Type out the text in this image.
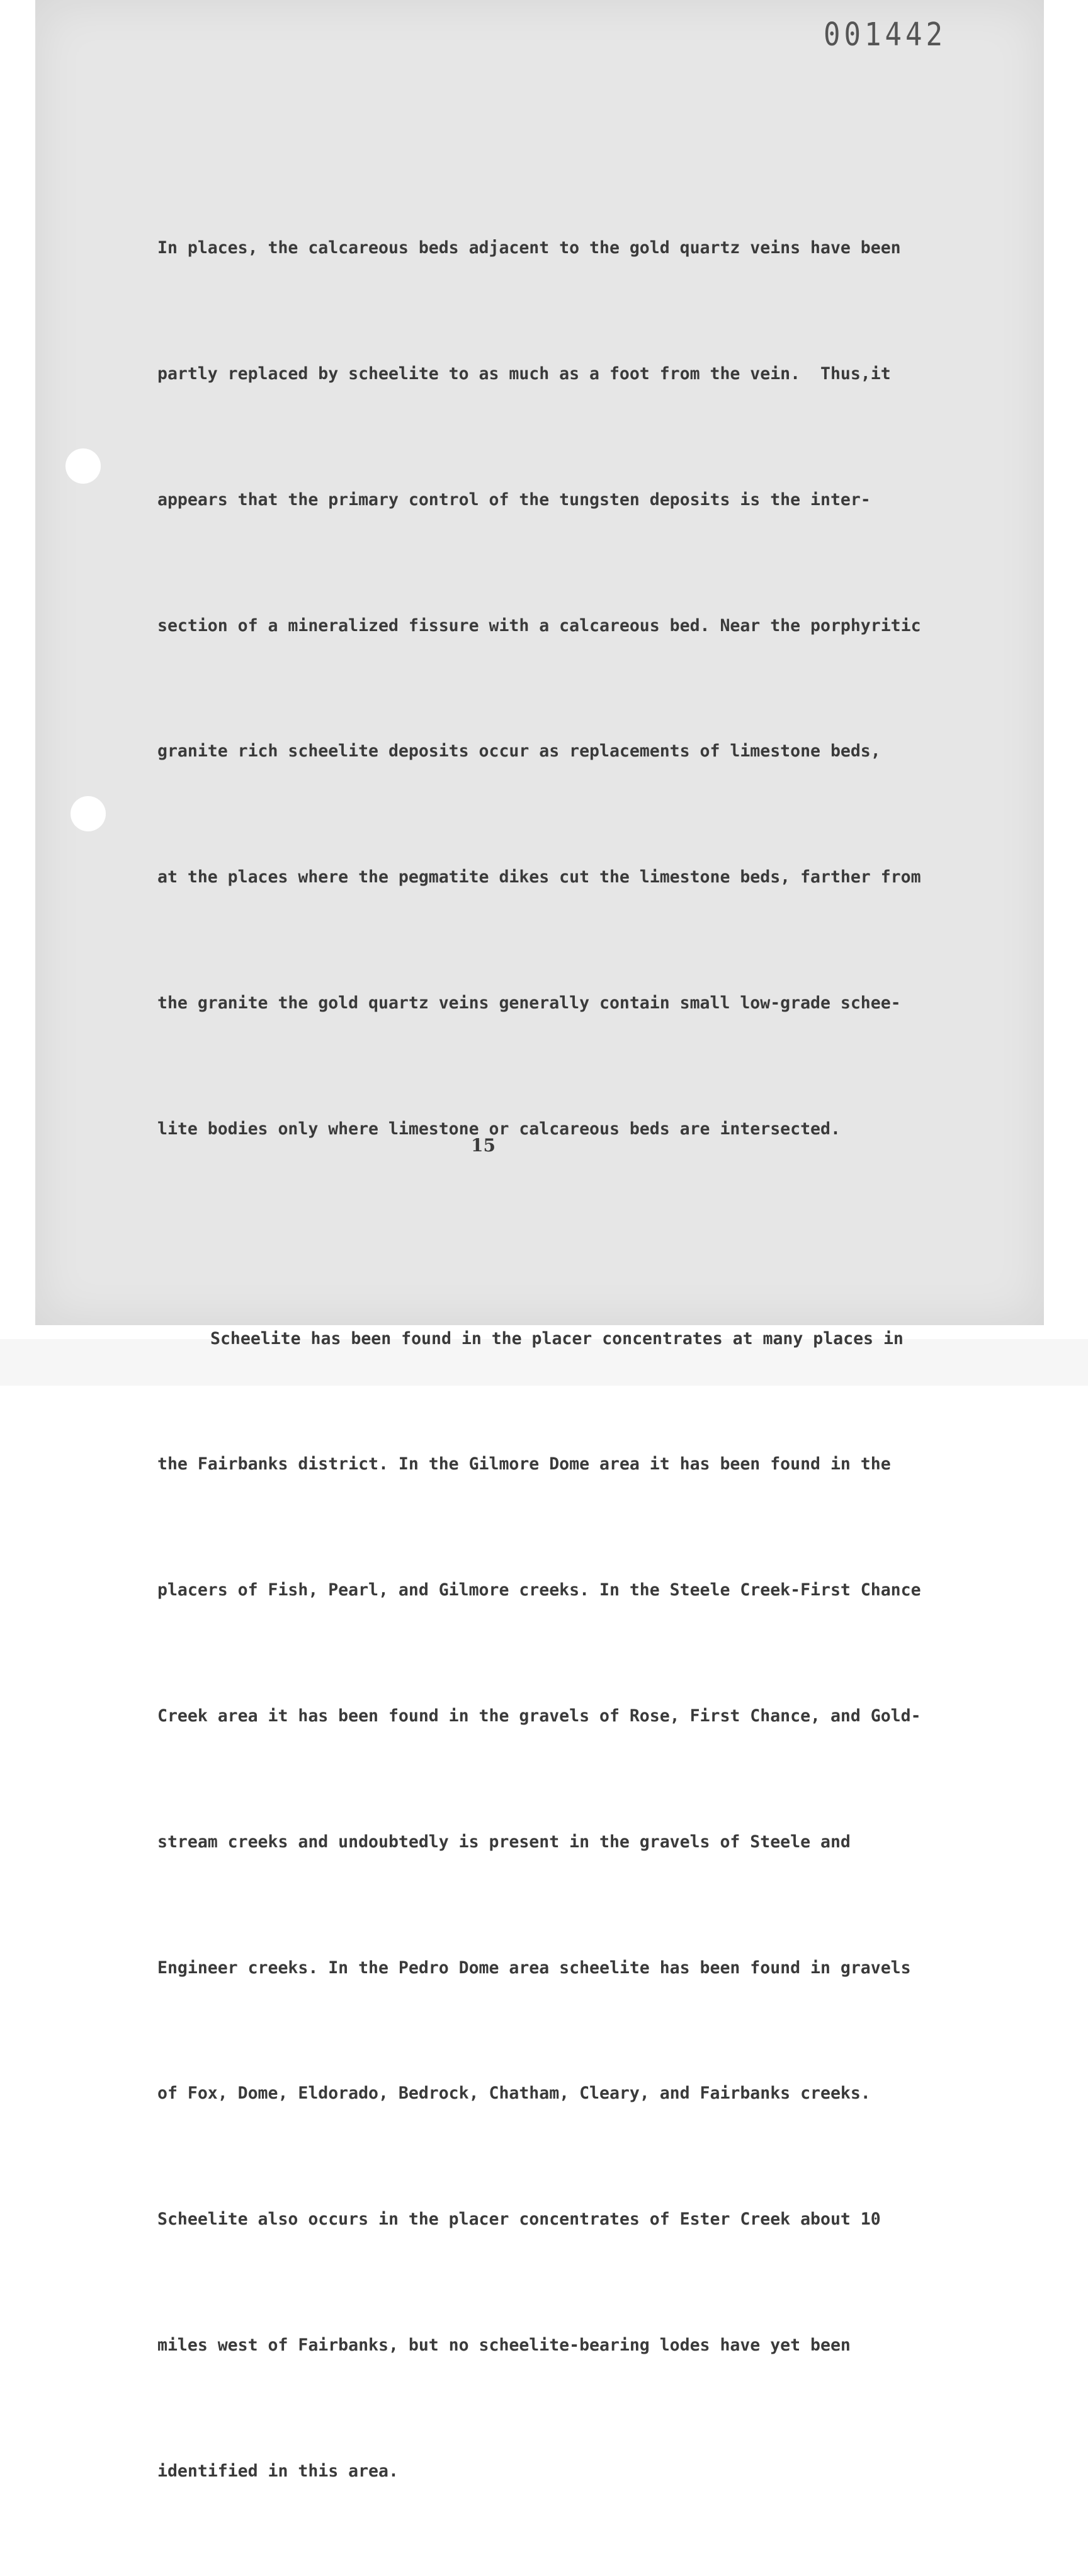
001442

In places, the calcareous beds adjacent to the gold quartz veins have been

partly replaced by scheelite to as much as a foot from the vein.  Thus,it

appears that the primary control of the tungsten deposits is the inter-

section of a mineralized fissure with a calcareous bed. Near the porphyritic

granite rich scheelite deposits occur as replacements of limestone beds,

at the places where the pegmatite dikes cut the limestone beds, farther from

the granite the gold quartz veins generally contain small low-grade schee-

lite bodies only where limestone or calcareous beds are intersected.

Scheelite has been found in the placer concentrates at many places in

the Fairbanks district. In the Gilmore Dome area it has been found in the

placers of Fish, Pearl, and Gilmore creeks. In the Steele Creek-First Chance

Creek area it has been found in the gravels of Rose, First Chance, and Gold-

stream creeks and undoubtedly is present in the gravels of Steele and

Engineer creeks. In the Pedro Dome area scheelite has been found in gravels

of Fox, Dome, Eldorado, Bedrock, Chatham, Cleary, and Fairbanks creeks.

Scheelite also occurs in the placer concentrates of Ester Creek about 10

miles west of Fairbanks, but no scheelite-bearing lodes have yet been

identified in this area.

15
